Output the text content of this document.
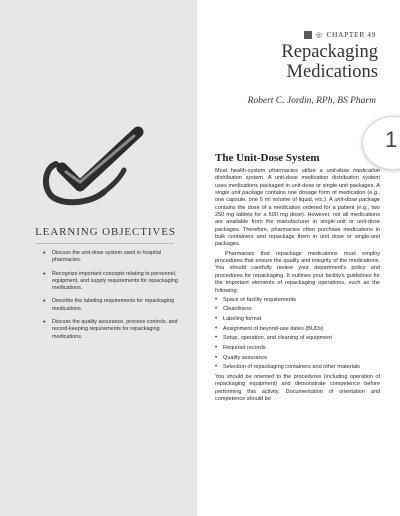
LEARNING OBJECTIVES
• Discuss the unit-dose system used in hospital pharmacies.
• Recognize important concepts relating to personnel, equipment, and supply requirements for repackaging medications.
• Describe the labeling requirements for repackaging medications.
• Discuss the quality assurance, process controls, and record-keeping requirements for repackaging medications.
◎ CHAPTER 49
Repackaging
Medications
Robert C. Jordin, RPh, BS Pharm
1
The Unit-Dose System

Most health-system pharmacies utilize a unit-dose medication distribution system. A unit-dose medication distribution system uses medications packaged in unit-dose or single-unit packages. A single unit package contains one dosage form of medication (e.g., one capsule, one 5 ml volume of liquid, etc.). A unit-dose package contains the dose of a medication ordered for a patient (e.g., two 250 mg tablets for a 500 mg dose). However, not all medications are available from the manufacturer in single-unit or unit-dose packages. Therefore, pharmacies often purchase medications in bulk containers and repackage them in unit dose or single-unit packages.

Pharmacies that repackage medications must employ procedures that ensure the quality and integrity of the medications. You should carefully review your department's policy and procedures for repackaging. It outlines your facility's guidelines for the important elements of repackaging operations, such as the following:

• Space or facility requirements
• Cleanliness
• Labeling format
• Assignment of beyond-use dates (BUDs)
• Setup, operation, and cleaning of equipment
• Required records
• Quality assurance
• Selection of repackaging containers and other materials

You should be oriented to the procedures (including operation of repackaging equipment) and demonstrate competence before performing this activity. Documentation of orientation and competence should be
